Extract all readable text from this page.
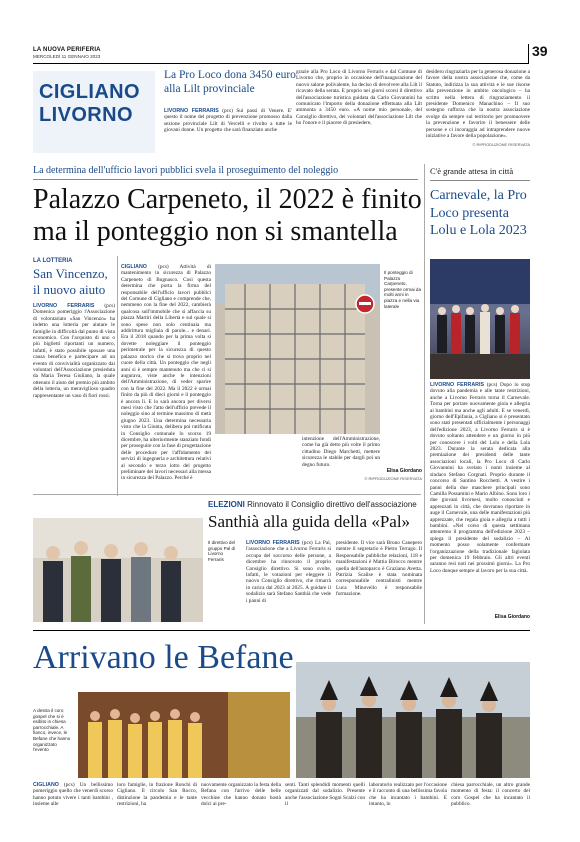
LA NUOVA PERIFERIA
MERCOLEDÌ 11 GENNAIO 2023	39
CIGLIANO
LIVORNO
La Pro Loco dona 3450 euro alla Lilt provinciale
LIVORNO FERRARIS (pcs) Sui passi di Venere. E' questo il nome del progetto di prevenzione promosso dalla sezione provinciale Lilt di Vercelli e rivolto a tutte le giovani donne. Un progetto che sarà finanziato anche
grazie alla Pro Loco di Livorno Ferraris e dal Comune di Livorno che, proprio in occasione dell'inaugurazione del nuovo salone polivalente, ha deciso di devolvere alla Lilt il ricavato della serata. E proprio nei giorni scorsi il direttivo dell'associazione turistica guidata da Carlo Giovannini ha comunicato l'importo della donazione effettuata alla Lilt ammonta a 3450 euro. «A nome mio personale, del Consiglio direttivo, dei volontari dell'associazione Lilt che ho l'onore e il piacere di presiedere,
desidero ringraziarla per la generosa donazione a favore della nostra associazione che, come da Statuto, indirizza la sua attività e le sue risorse alla prevenzione in ambito oncologico – ha scritto nella lettera di ringraziamento il presidente Domenico Manachino – Il suo sostegno rafforza che la nostra associazione svolge da sempre sul territorio per promuovere la prevenzione e favorire il benessere delle persone e ci incoraggia ad intraprendere nuove iniziative a favore della popolazione».
© RIPRODUZIONE RISERVATA
La determina dell'ufficio lavori pubblici svela il proseguimento del noleggio
Palazzo Carpeneto, il 2022 è finito ma il ponteggio non si smantella
C'è grande attesa in città
Carnevale, la Pro Loco presenta Lolu e Lola 2023
LA LOTTERIA
San Vincenzo, il nuovo aiuto
LIVORNO FERRARIS (pcs) Domenica pomeriggio l'Associazione di volontariato «San Vincenzo» ha indetto una lotteria per aiutare le famiglie in difficoltà dal punto di vista economico. Con l'acquisto di uno o più biglietti riportanti un numero, infatti, è stato possibile sposare una causa benefica e partecipare ad un evento di convivialità organizzato dai volontari dell'Associazione presieduta da Maria Teresa Giuliano, la quale ottenuto il aiuto del premio più ambito della lotteria, un meraviglioso quadro rappresentante un vaso di fiori rossi.
CIGLIANO (pcs) Attività di mantenimento in sicurezza di Palazzo Carpeneto di Bugnasco. Così questa determina che porta la firma del responsabile dell'ufficio lavori pubblici del Comune di Cigliano e comprende che, nemmeno con la fine del 2022, cambierà qualcosa sull'immobile che si affaccia su piazza Martiri della Libertà e sul quale si sono spese non solo centinaia ma addirittura migliaia di parole... e denari. Era il 2018 quando per la prima volta si dovette noleggiare il ponteggio perimetrale per la sicurezza di questo palazzo storico che si trova proprio nel cuore della città. Un ponteggio che negli anni si è sempre mantenuto ma che ci si augurava, viste anche le intenzioni dell'Amministrazione, di veder sparire con la fine del 2022. Ma il 2022 è ormai finito da più di dieci giorni e il ponteggio è ancora lì. E lo sarà ancora per diversi mesi visto che l'atto dell'ufficio prevede il noleggio sino al termine massimo di metà giugno 2023. Una determina necessaria visto che la Giunta, delibera poi ratificata in Consiglio comunale lo scorso 19 dicembre, ha ulteriormente stanziato fondi per proseguire con la fase di progettazione delle procedure per l'affidamento dei servizi di ingegneria e architettura relativi al secondo e terzo lotto del progetto preliminare dei lavori necessari alla messa in sicurezza del Palazzo. Perché è
Il ponteggio di Palazzo Carpeneto, presente ormai da molti anni in piazza e nella via laterale
intenzione dell'Amministrazione, come ha già detto più volte il primo cittadino Diego Marchetti, mettere sicurezza le stabile per dargli poi un degno futuro.
Elisa Giordano
© RIPRODUZIONE RISERVATA
LIVORNO FERRARIS (pcs) Dopo lo stop dovuto alla pandemia e alle tante restrizioni, anche a Livorno Ferraris torna il Carnevale. Torna per portare nuovamente gioia e allegria ai bambini ma anche agli adulti. E se venerdì, giorno dell'Epifania, a Cigliano si è presentato sono stati presentati ufficialmente i personaggi dell'edizione 2023, a Livorno Ferraris si è dovuto soltanto attendere e un giorno in più per conoscere i volti del Lolu e della Lola 2023. Durante la serata dedicata alla premiazione dei presidenti delle tante associazioni locali, la Pro Loco di Carlo Giovannini ha svelato i nomi insieme al sindaco Stefano Corgnati. Proprio durante il concorso di Santino Rocchetti. A vestire i panni della due maschere principali sono Camilla Possamini e Mario Albino. Sono loro i due giovani livornesi, molto conosciuti e apprezzati in città, che dovranno riportare in auge il Carnevale, una delle manifestazioni più apprezzate, che regala gioia e allegria a tutti i bambini. «Nel corso di questa settimana attenremo il programma dell'edizione 2023 – spiega il presidente del sodalizio – Al momento posso solamente confermare l'organizzazione della tradizionale fagiolata per domenica 19 febbraio. Gli altri eventi saranno resi noti nei prossimi giorni». La Pro Loco dunque sempre al lavoro per la sua città.
Elisa Giordano
ELEZIONI Rinnovato il Consiglio direttivo dell'associazione
Santhià alla guida della «Pal»
Il direttivo del gruppo Pal di Livorno Ferraris
LIVORNO FERRARIS (pcs) La Pal, l'associazione che a Livorno Ferraris si occupa del soccorso delle persone, a dicembre ha rinnovato il proprio Consiglio direttivo. Si sono svolte, infatti, le votazioni per eleggere il nuovo Consiglio direttivo, che rimarrà in carica dal 2023 al 2025. A guidare il sodalizio sarà Stefano Santhià che vede i panni di
presidente. Il vice sarà Bruno Canepero mentre il segretario è Pietro Terrago. Il Responsabile pubbliche relazioni, 118 e manifestazioni è Mattia Birocco mentre quella dell'autoparco è Graziano Avetta. Patrizia Scalise è stata nominata corresponsabile centralinisti mentre Luca Minovello è responsabile formazione.
Arrivano le Befane
A destra il coro gospel che si è esibito in chiesa parrocchiale. A fianco, invece, le Befane che hanno organizzato l'evento
CIGLIANO (pcs) Un bellissimo pomeriggio quello che venerdì scorso hanno potuto vivere i tanti bambini , insieme alle
loro famiglie, in frazione Ronchi di Cigliano. Il circolo San Rocco, distinzione la pandemia e le tante restrizioni, ha
nuovamente organizzato la festa della Befana con l'arrivo delle belle vecchine che hanno donato hostà dolci ai pre-
senti. Tanti splendidi momenti quelli organizzati dal sodalizio. Presente anche l'associazione Sogni Scalzi con il
laboratorio realizzato per l'occasione e il racconto di una bellissima favola che ha incantato i bambini. E intanto, in
chiesa parrocchiale, un altro grande momento di festa: il concerto del coro Gospel che ha incantato il pubblico.
